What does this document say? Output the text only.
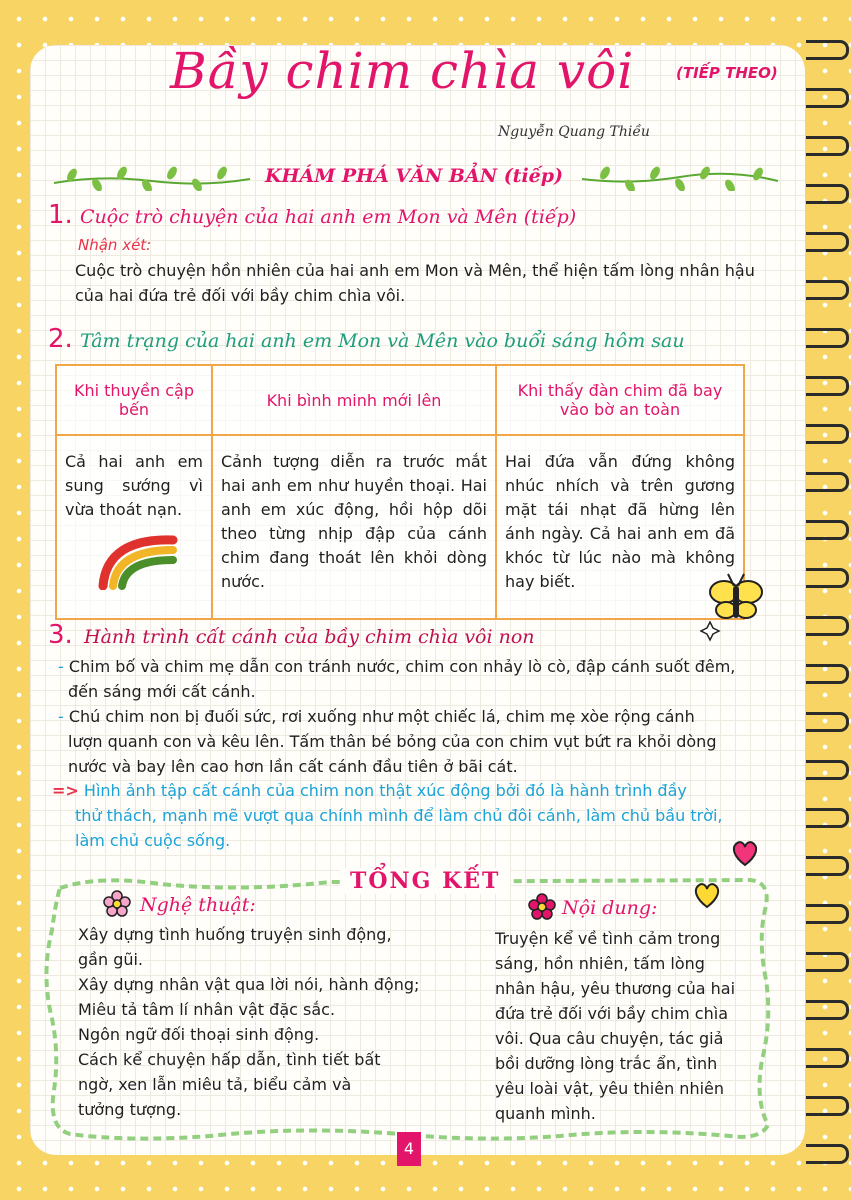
Bầy chim chìa vôi	(TIẾP THEO)
Nguyễn Quang Thiều
KHÁM PHÁ VĂN BẢN (tiếp)
1. Cuộc trò chuyện của hai anh em Mon và Mên (tiếp)
Nhận xét:
Cuộc trò chuyện hồn nhiên của hai anh em Mon và Mên, thể hiện tấm lòng nhân hậu
của hai đứa trẻ đối với bầy chim chìa vôi.
2. Tâm trạng của hai anh em Mon và Mên vào buổi sáng hôm sau
Khi thuyền cập bến	Khi bình minh mới lên	Khi thấy đàn chim đã bay vào bờ an toàn
Cả hai anh em sung sướng vì vừa thoát nạn.	Cảnh tượng diễn ra trước mắt hai anh em như huyền thoại. Hai anh em xúc động, hồi hộp dõi theo từng nhịp đập của cánh chim đang thoát lên khỏi dòng nước.	Hai đứa vẫn đứng không nhúc nhích và trên gương mặt tái nhạt đã hừng lên ánh ngày. Cả hai anh em đã khóc từ lúc nào mà không hay biết.
3. Hành trình cất cánh của bầy chim chìa vôi non
- Chim bố và chim mẹ dẫn con tránh nước, chim con nhảy lò cò, đập cánh suốt đêm,
đến sáng mới cất cánh.
- Chú chim non bị đuối sức, rơi xuống như một chiếc lá, chim mẹ xòe rộng cánh
lượn quanh con và kêu lên. Tấm thân bé bỏng của con chim vụt bứt ra khỏi dòng
nước và bay lên cao hơn lần cất cánh đầu tiên ở bãi cát.
=> Hình ảnh tập cất cánh của chim non thật xúc động bởi đó là hành trình đầy
thử thách, mạnh mẽ vượt qua chính mình để làm chủ đôi cánh, làm chủ bầu trời,
làm chủ cuộc sống.
TỔNG KẾT
Nghệ thuật:
Xây dựng tình huống truyện sinh động,
gần gũi.
Xây dựng nhân vật qua lời nói, hành động;
Miêu tả tâm lí nhân vật đặc sắc.
Ngôn ngữ đối thoại sinh động.
Cách kể chuyện hấp dẫn, tình tiết bất
ngờ, xen lẫn miêu tả, biểu cảm và
tưởng tượng.
Nội dung:
Truyện kể về tình cảm trong
sáng, hồn nhiên, tấm lòng
nhân hậu, yêu thương của hai
đứa trẻ đối với bầy chim chìa
vôi. Qua câu chuyện, tác giả
bồi dưỡng lòng trắc ẩn, tình
yêu loài vật, yêu thiên nhiên
quanh mình.
4
